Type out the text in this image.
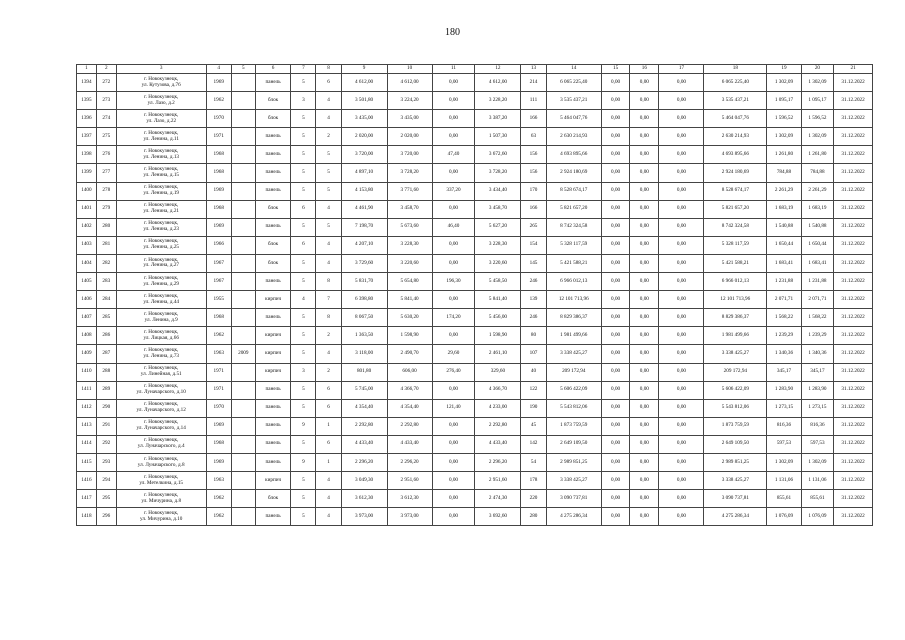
180
1	2	3	4	5	6	7	8	9	10	11	12	13	14	15	16	17	18	19	20	21
1394	272	г. Новокузнецк,
ул. Кутузова, д.76	1969		панель	5	6	4 612,00	4 612,00	0,00	4 612,00	214	6 065 225,40	0,00	0,00	0,00	6 065 225,40	1 302,09	1 302,09	31.12.2022
1395	273	г. Новокузнецк,
ул. Лазо, д.2	1962		блок	3	4	3 501,80	3 224,20	0,00	3 228,20	111	3 535 437,21	0,00	0,00	0,00	3 535 437,21	1 095,17	1 095,17	31.12.2022
1396	274	г. Новокузнецк,
ул. Лазо, д.22	1970		блок	5	4	3 435,00	3 435,00	0,00	3 387,20	166	5 464 047,76	0,00	0,00	0,00	5 464 047,76	1 596,52	1 596,52	31.12.2022
1397	275	г. Новокузнецк,
ул. Ленина, д.11	1971		панель	5	2	2 020,00	2 020,00	0,00	1 507,30	63	2 630 214,93	0,00	0,00	0,00	2 630 214,93	1 302,09	1 302,09	31.12.2022
1398	276	г. Новокузнецк,
ул. Ленина, д.13	1968		панель	5	5	3 720,00	3 720,00	47,40	3 672,60	156	4 693 895,66	0,00	0,00	0,00	4 693 895,66	1 261,80	1 261,80	31.12.2022
1399	277	г. Новокузнецк,
ул. Ленина, д.15	1968		панель	5	5	4 897,10	3 728,20	0,00	3 728,20	156	2 924 180,69	0,00	0,00	0,00	2 924 180,69	784,88	784,88	31.12.2022
1400	278	г. Новокузнецк,
ул. Ленина, д.19	1969		панель	5	5	4 153,80	3 771,60	337,20	3 434,40	170	8 528 674,17	0,00	0,00	0,00	8 528 674,17	2 261,29	2 261,29	31.12.2022
1401	279	г. Новокузнецк,
ул. Ленина, д.21	1968		блок	6	4	4 461,90	3 458,70	0,00	3 458,70	166	5 821 657,20	0,00	0,00	0,00	5 821 657,20	1 683,19	1 683,19	31.12.2022
1402	280	г. Новокузнецк,
ул. Ленина, д.23	1969		панель	5	5	7 198,70	5 673,60	46,40	5 627,20	265	8 742 324,58	0,00	0,00	0,00	8 742 324,58	1 540,88	1 540,88	31.12.2022
1403	281	г. Новокузнецк,
ул. Ленина, д.25	1966		блок	6	4	4 207,10	3 228,30	0,00	3 228,30	154	5 328 117,59	0,00	0,00	0,00	5 328 117,59	1 650,44	1 650,44	31.12.2022
1404	282	г. Новокузнецк,
ул. Ленина, д.27	1967		блок	5	4	3 729,60	3 220,60	0,00	3 220,60	145	5 421 588,21	0,00	0,00	0,00	5 421 588,21	1 683,41	1 683,41	31.12.2022
1405	283	г. Новокузнецк,
ул. Ленина, д.29	1967		панель	5	8	5 831,70	5 654,80	196,30	5 458,50	246	6 966 012,13	0,00	0,00	0,00	6 966 012,13	1 231,88	1 231,88	31.12.2022
1406	284	г. Новокузнецк,
ул. Ленина, д.44	1955		кирпич	4	7	6 398,80	5 841,40	0,00	5 841,40	139	12 101 713,96	0,00	0,00	0,00	12 101 713,96	2 071,71	2 071,71	31.12.2022
1407	285	г. Новокузнецк,
ул. Ленина, д.9	1968		панель	5	8	8 067,50	5 630,20	174,20	5 456,00	246	8 829 386,37	0,00	0,00	0,00	8 829 386,37	1 568,22	1 568,22	31.12.2022
1408	286	г. Новокузнецк,
ул. Лицкая, д.66	1962		кирпич	5	2	1 363,50	1 598,90	0,00	1 598,90	80	1 981 499,66	0,00	0,00	0,00	1 981 499,66	1 239,29	1 239,29	31.12.2022
1409	287	г. Новокузнецк,
ул. Ленина, д.73	1963	2009	кирпич	5	4	3 118,00	2 490,70	29,60	2 461,10	107	3 338 425,27	0,00	0,00	0,00	3 338 425,27	1 340,36	1 340,36	31.12.2022
1410	288	г. Новокузнецк,
ул. Линейная, д.51	1971		кирпич	3	2	801,80	606,00	276,40	329,60	40	209 172,94	0,00	0,00	0,00	209 172,94	345,17	345,17	31.12.2022
1411	289	г. Новокузнецк,
ул. Луначарского, д.10	1971		панель	5	6	5 745,00	4 366,70	0,00	4 366,70	122	5 606 422,09	0,00	0,00	0,00	5 606 422,09	1 283,90	1 283,90	31.12.2022
1412	290	г. Новокузнецк,
ул. Луначарского, д.12	1970		панель	5	6	4 354,40	4 354,40	121,40	4 233,00	190	5 543 812,06	0,00	0,00	0,00	5 543 812,06	1 273,15	1 273,15	31.12.2022
1413	291	г. Новокузнецк,
ул. Луначарского, д.14	1969		панель	9	1	2 292,80	2 292,80	0,00	2 292,80	45	1 873 759,59	0,00	0,00	0,00	1 873 759,59	816,36	816,36	31.12.2022
1414	292	г. Новокузнецк,
ул. Луначарского, д.4	1968		панель	5	6	4 433,40	4 433,40	0,00	4 433,40	142	2 649 109,50	0,00	0,00	0,00	2 649 109,50	597,53	597,53	31.12.2022
1415	293	г. Новокузнецк,
ул. Луначарского, д.8	1969		панель	9	1	2 296,20	2 296,20	0,00	2 296,20	54	2 989 851,25	0,00	0,00	0,00	2 989 851,25	1 302,09	1 302,09	31.12.2022
1416	294	г. Новокузнецк,
ул. Метелкина, д.15	1963		кирпич	5	4	3 049,30	2 951,60	0,00	2 951,60	178	3 338 425,27	0,00	0,00	0,00	3 338 425,27	1 131,06	1 131,06	31.12.2022
1417	295	г. Новокузнецк,
ул. Мичурина, д.8	1962		блок	5	4	3 612,30	3 612,30	0,00	2 474,30	220	3 090 737,81	0,00	0,00	0,00	3 090 737,81	855,61	855,61	31.12.2022
1418	296	г. Новокузнецк,
ул. Мичурина, д.10	1962		панель	5	4	3 973,00	3 973,00	0,00	3 692,60	280	4 275 286,34	0,00	0,00	0,00	4 275 286,34	1 076,09	1 076,09	31.12.2022
